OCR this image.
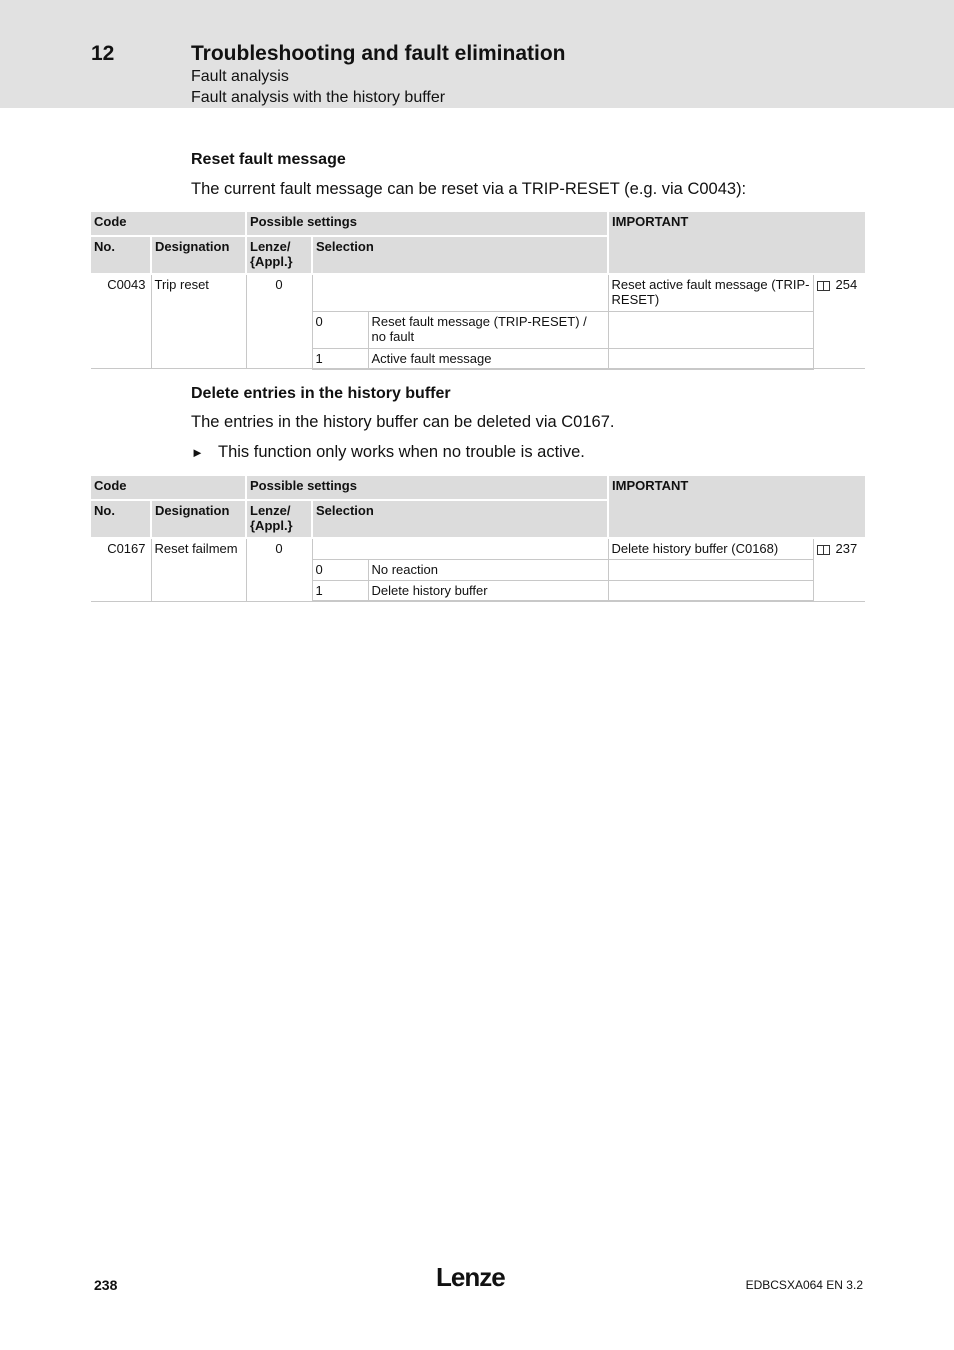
12	Troubleshooting and fault elimination
Fault analysis
Fault analysis with the history buffer
Reset fault message
The current fault message can be reset via a TRIP-RESET (e.g. via C0043):
Code		Possible settings			IMPORTANT	
No.	Designation	Lenze/ {Appl.}	Selection			
C0043	Trip reset	0			Reset active fault message (TRIP-RESET)	254
			0	Reset fault message (TRIP-RESET) / no fault		
			1	Active fault message		
Delete entries in the history buffer
The entries in the history buffer can be deleted via C0167.
► This function only works when no trouble is active.
Code		Possible settings			IMPORTANT	
No.	Designation	Lenze/ {Appl.}	Selection			
C0167	Reset failmem	0			Delete history buffer (C0168)	237
			0	No reaction		
			1	Delete history buffer		
238	Lenze	EDBCSXA064 EN 3.2
